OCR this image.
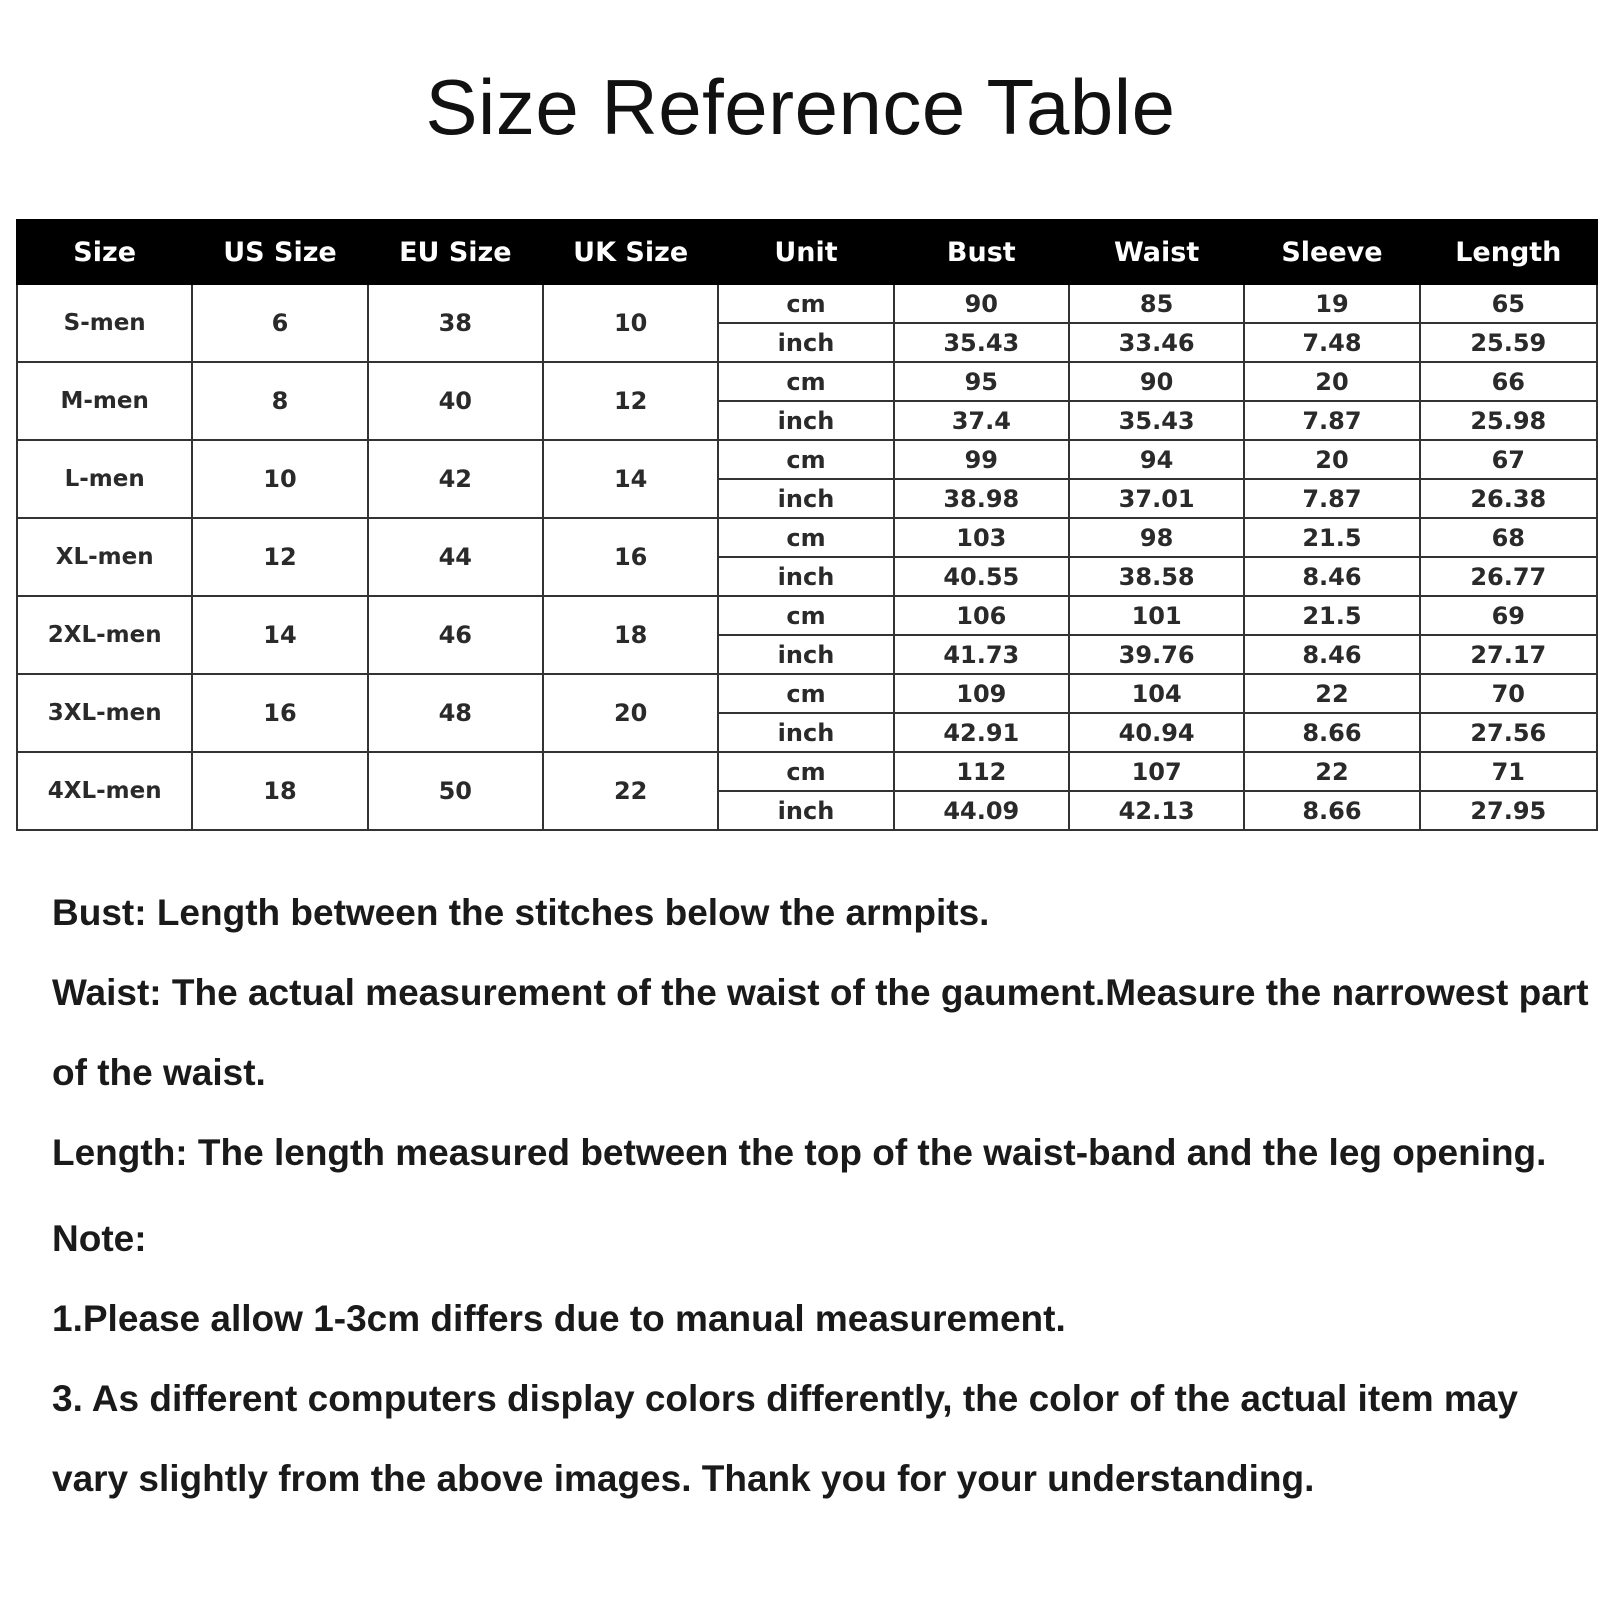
Size Reference Table
Size	US Size	EU Size	UK Size	Unit	Bust	Waist	Sleeve	Length
S-men	6	38	10	cm	90	85	19	65
				inch	35.43	33.46	7.48	25.59
M-men	8	40	12	cm	95	90	20	66
				inch	37.4	35.43	7.87	25.98
L-men	10	42	14	cm	99	94	20	67
				inch	38.98	37.01	7.87	26.38
XL-men	12	44	16	cm	103	98	21.5	68
				inch	40.55	38.58	8.46	26.77
2XL-men	14	46	18	cm	106	101	21.5	69
				inch	41.73	39.76	8.46	27.17
3XL-men	16	48	20	cm	109	104	22	70
				inch	42.91	40.94	8.66	27.56
4XL-men	18	50	22	cm	112	107	22	71
				inch	44.09	42.13	8.66	27.95

Bust: Length between the stitches below the armpits.

Waist: The actual measurement of the waist of the gaument.Measure the narrowest part of the waist.

Length: The length measured between the top of the waist-band and the leg opening.

Note:

1.Please allow 1-3cm differs due to manual measurement.

3. As different computers display colors differently, the color of the actual item may vary slightly from the above images. Thank you for your understanding.
